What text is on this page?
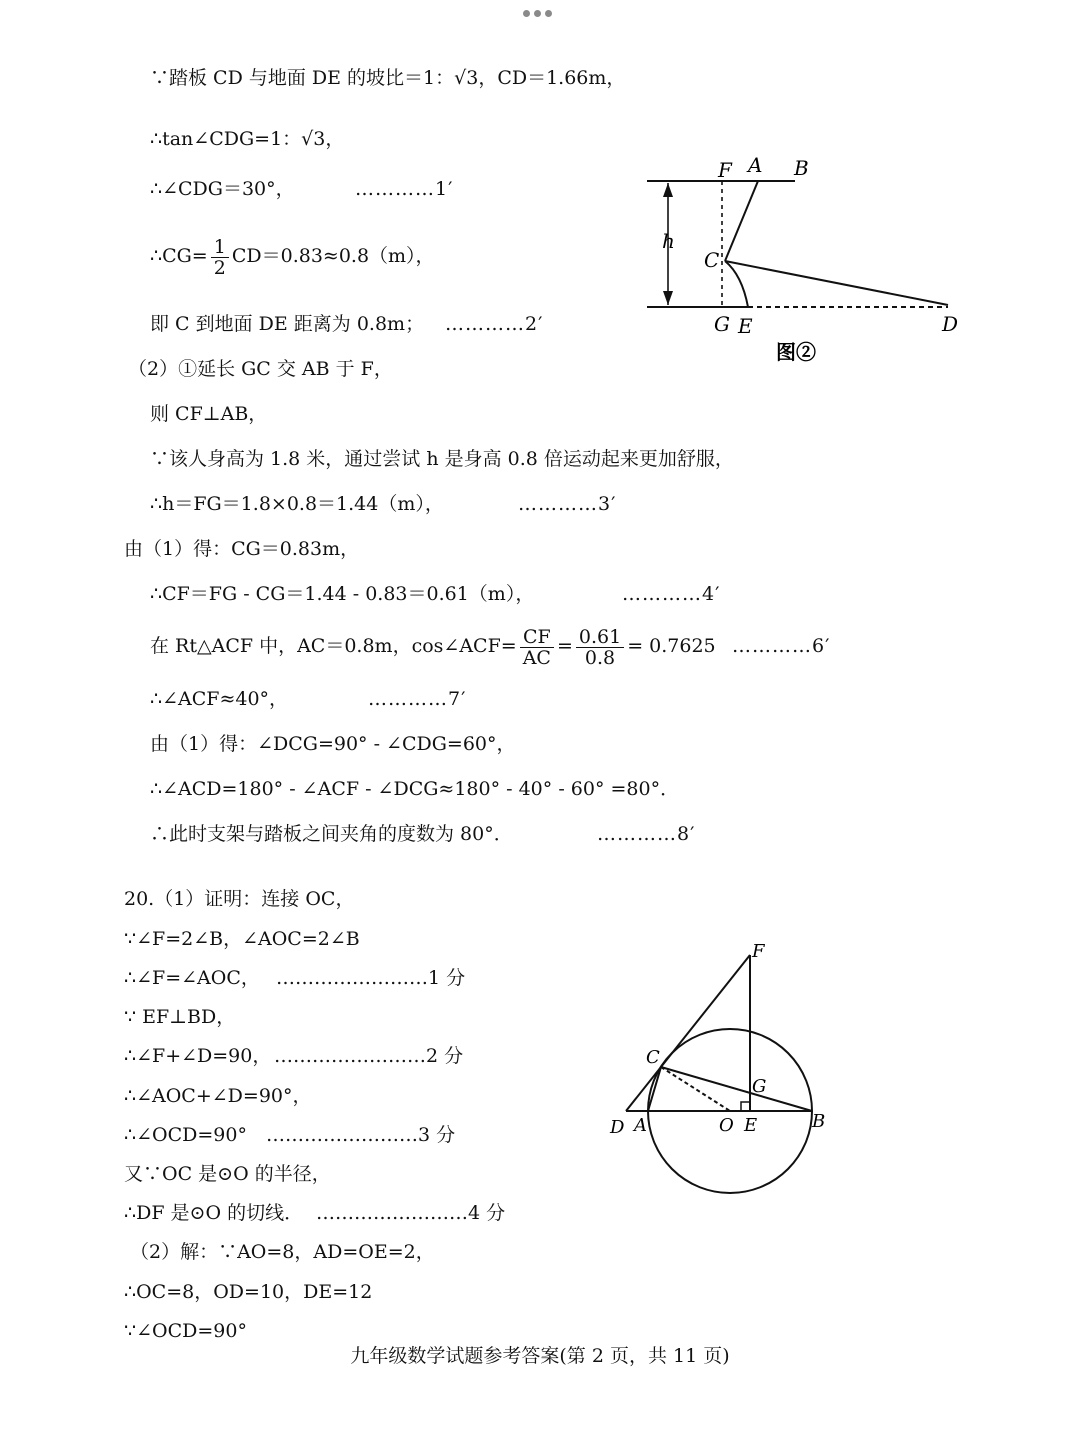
∵踏板 CD 与地面 DE 的坡比＝1：√3，CD＝1.66m，
∴tan∠CDG=1：√3，
∴∠CDG＝30°，	…………1′
∴CG= $\frac{1}{2} CD=0.83\approx 0.8(m)$，
即 C 到地面 DE 距离为 0.8m； …………2′
（2）①延长 GC 交 AB 于 F，
则 CF⊥AB，
∵该人身高为 1.8 米，通过尝试 h 是身高 0.8 倍运动起来更加舒服，
∴h＝FG＝1.8×0.8＝1.44（m），	…………3′
由（1）得：CG＝0.83m，
∴CF＝FG - CG＝1.44 - 0.83＝0.61（m），	…………4′
在 Rt△ACF 中，AC＝0.8m，cos∠ACF= $\frac{CF}{AC} = \frac{0.61}{0.8} = 0.7625$ …………6′
∴∠ACF≈40°，	…………7′
由（1）得：∠DCG=90° - ∠CDG=60°，
∴∠ACD=180° - ∠ACF - ∠DCG≈180° - 40° - 60° =80°．
∴此时支架与踏板之间夹角的度数为 80°．	…………8′
20.（1）证明：连接 OC，
∵∠F=2∠B，∠AOC=2∠B
∴∠F=∠AOC， ……………………1 分
∵ EF⊥BD，
∴∠F+∠D=90， ……………………2 分
∴∠AOC+∠D=90°，
∴∠OCD=90° ……………………3 分
又∵OC 是⊙O 的半径，
∴DF 是⊙O 的切线． ……………………4 分
（2）解：∵AO=8，AD=OE=2，
∴OC=8，OD=10，DE=12
∵∠OCD=90°
F A B
C
h
G E	D
图②
F
C
G
D A	O E	B
九年级数学试题参考答案(第 2 页，共 11 页)
